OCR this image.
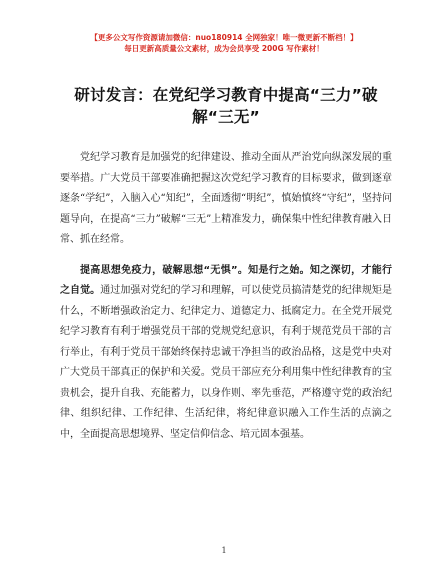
【更多公文写作资源请加微信：nuo180914 全网独家！唯一微更新不断档！】
每日更新高质量公文素材，成为会员享受 200G 写作素材！
研讨发言：在党纪学习教育中提高“三力”破解“三无”

党纪学习教育是加强党的纪律建设、推动全面从严治党向纵深发展的重要举措。广大党员干部要准确把握这次党纪学习教育的目标要求，做到逐章逐条“学纪”，入脑入心“知纪”，全面透彻“明纪”，慎始慎终“守纪”，坚持问题导向，在提高“三力”破解“三无”上精准发力，确保集中性纪律教育融入日常、抓在经常。

提高思想免疫力，破解思想“无惧”。知是行之始。知之深切，才能行之自觉。通过加强对党纪的学习和理解，可以使党员搞清楚党的纪律规矩是什么，不断增强政治定力、纪律定力、道德定力、抵腐定力。在全党开展党纪学习教育有利于增强党员干部的党规党纪意识，有利于规范党员干部的言行举止，有利于党员干部始终保持忠诚干净担当的政治品格，这是党中央对广大党员干部真正的保护和关爱。党员干部应充分利用集中性纪律教育的宝贵机会，提升自我、充能蓄力，以身作则、率先垂范，严格遵守党的政治纪律、组织纪律、工作纪律、生活纪律，将纪律意识融入工作生活的点滴之中，全面提高思想境界、坚定信仰信念、培元固本强基。

1
